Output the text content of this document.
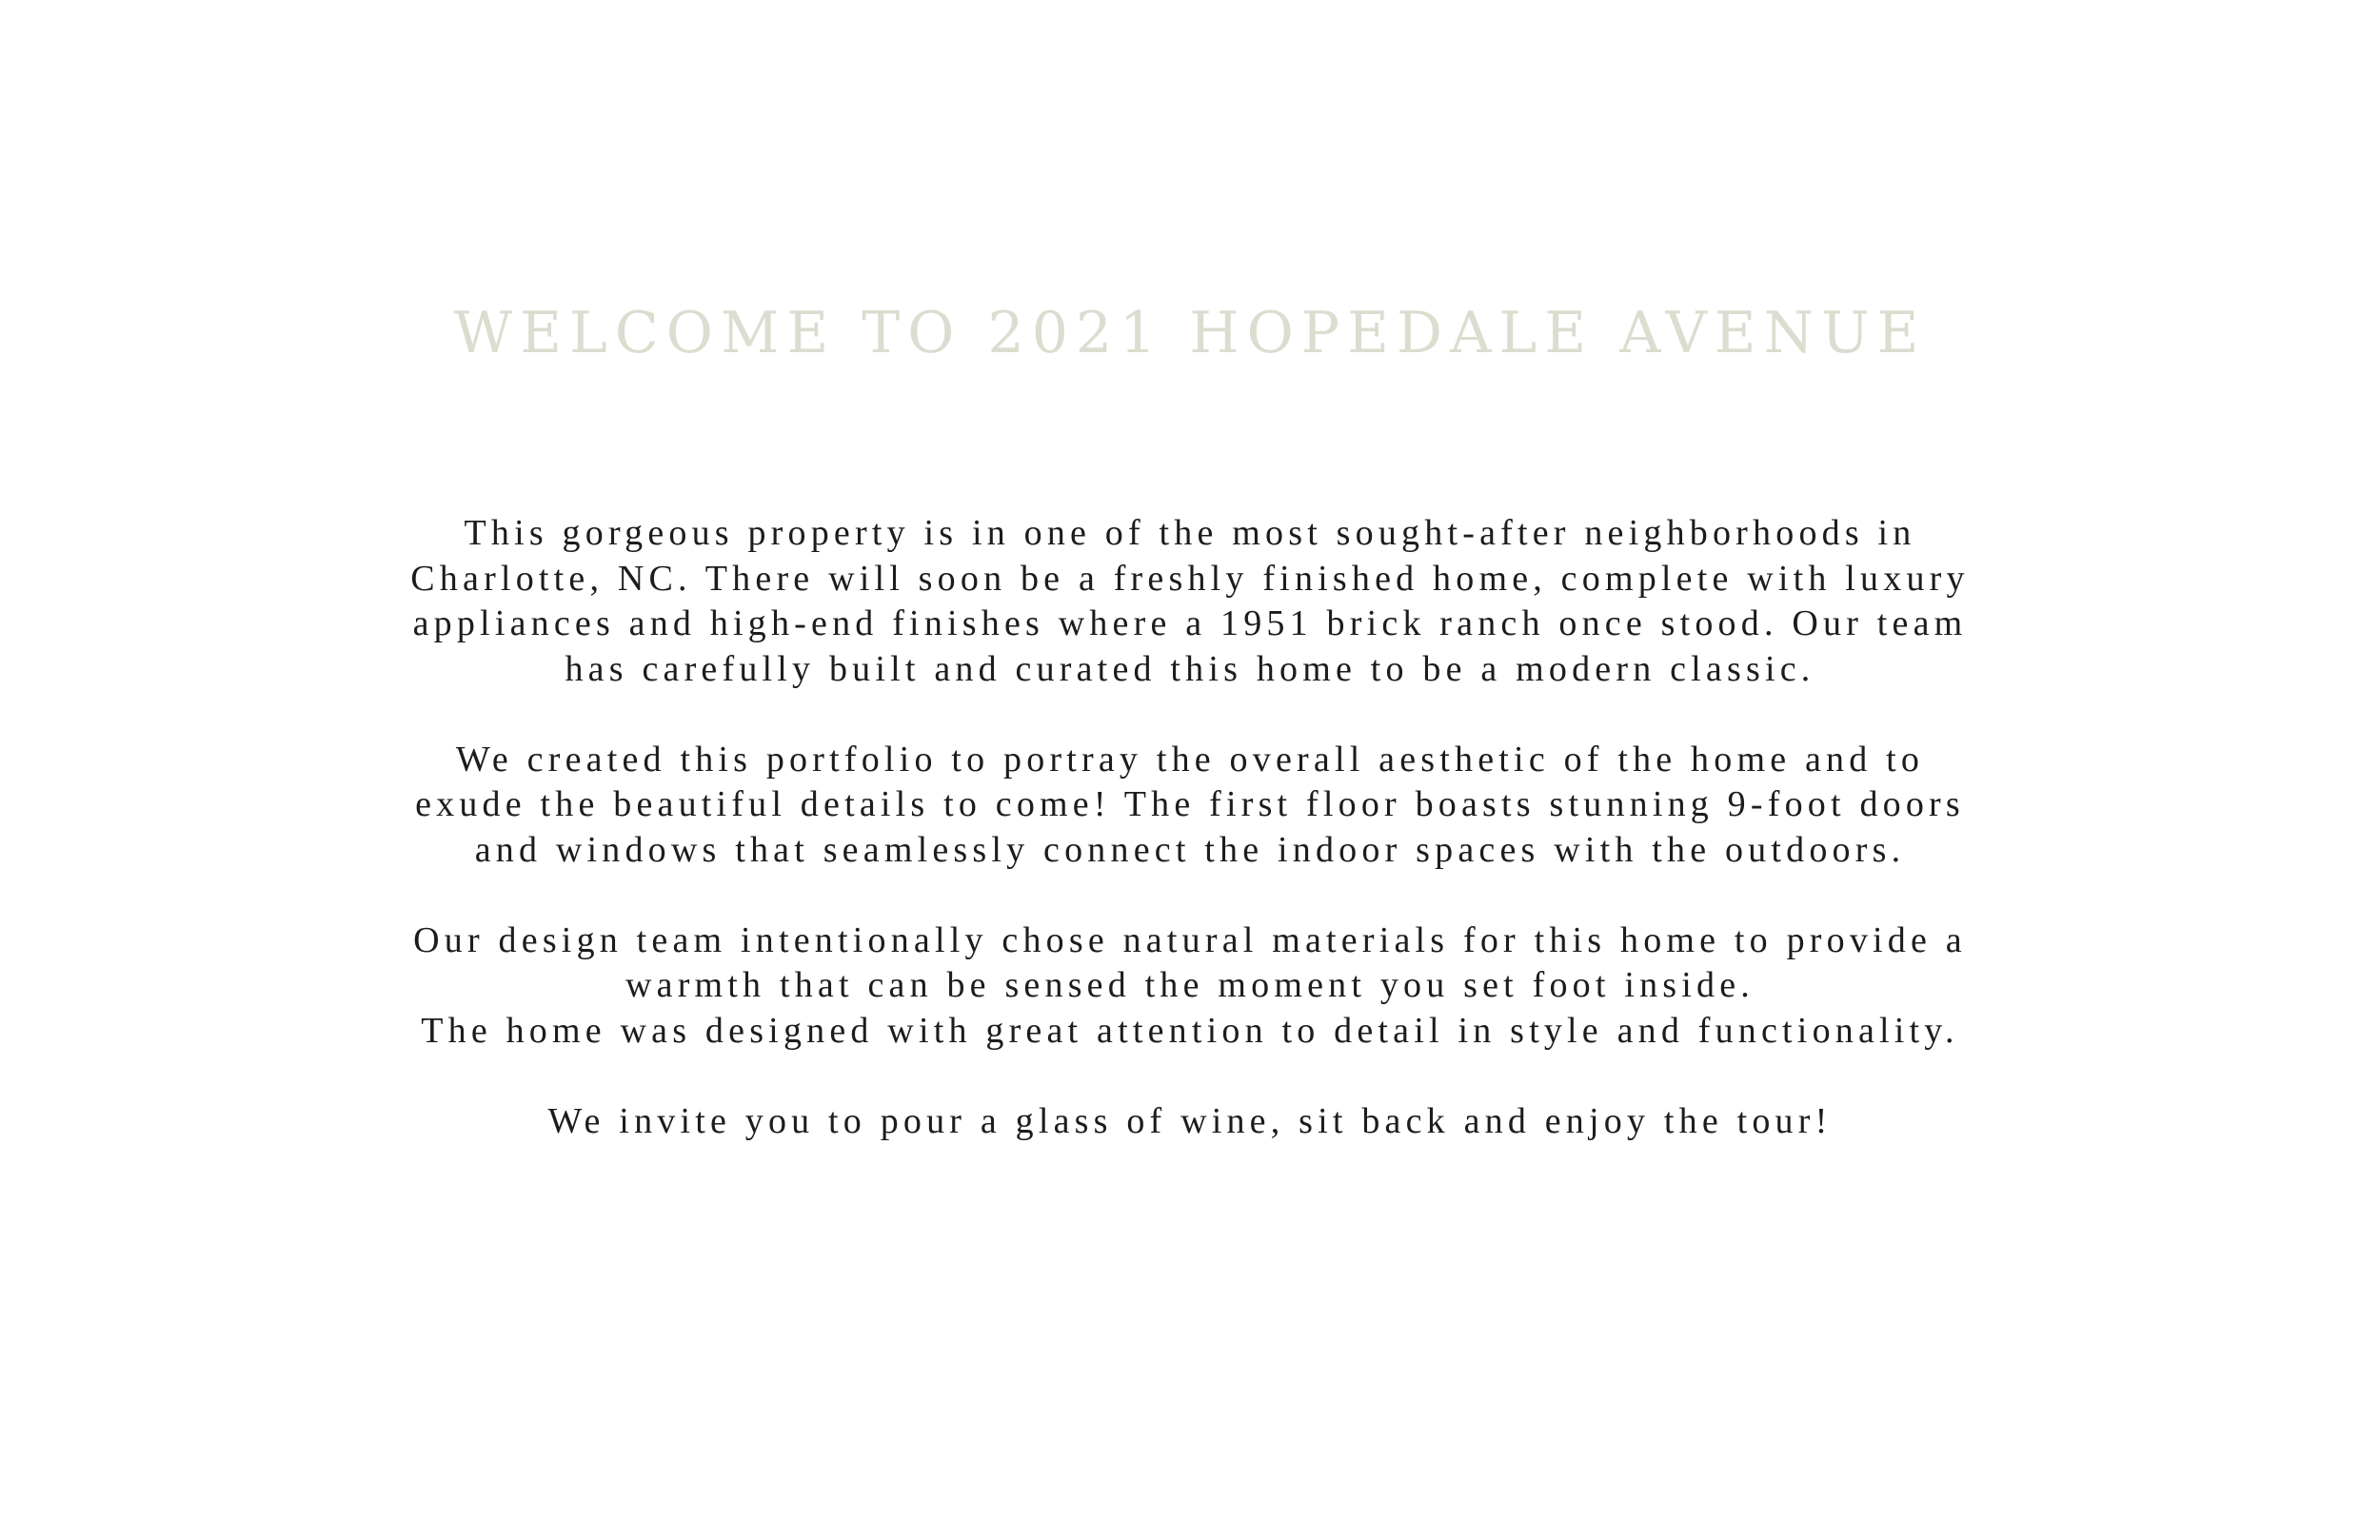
WELCOME TO 2021 HOPEDALE AVENUE
This gorgeous property is in one of the most sought-after neighborhoods in
Charlotte, NC. There will soon be a freshly finished home, complete with luxury
appliances and high-end finishes where a 1951 brick ranch once stood. Our team
has carefully built and curated this home to be a modern classic.
We created this portfolio to portray the overall aesthetic of the home and to
exude the beautiful details to come! The first floor boasts stunning 9-foot doors
and windows that seamlessly connect the indoor spaces with the outdoors.
Our design team intentionally chose natural materials for this home to provide a
warmth that can be sensed the moment you set foot inside.
The home was designed with great attention to detail in style and functionality.
We invite you to pour a glass of wine, sit back and enjoy the tour!
